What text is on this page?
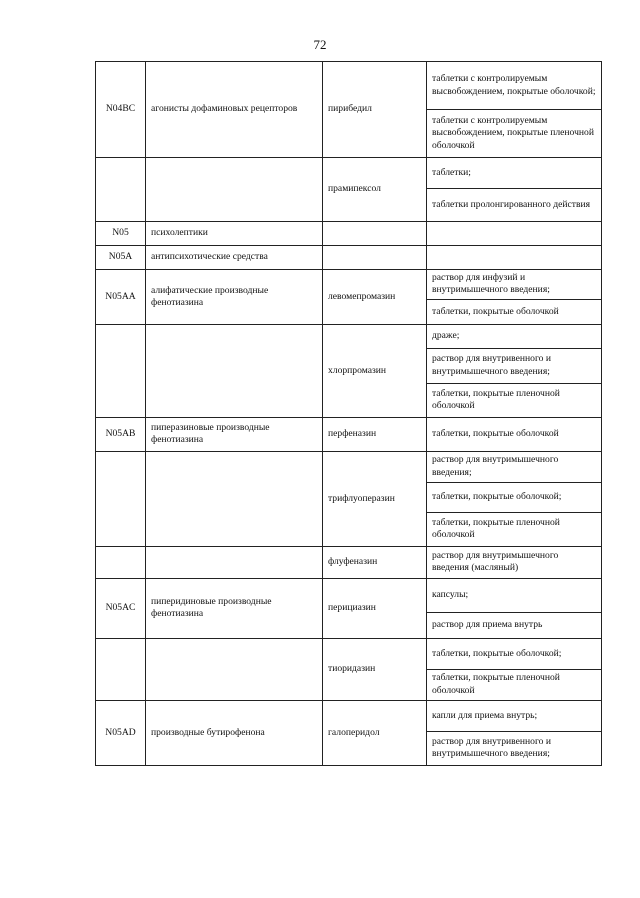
72
N04BC	агонисты дофаминовых рецепторов	пирибедил	таблетки с контролируемым высвобождением, покрытые оболочкой;
			таблетки с контролируемым высвобождением, покрытые пленочной оболочкой
		прамипексол	таблетки;
			таблетки пролонгированного действия
N05	психолептики		
N05A	антипсихотические средства		
N05AA	алифатические производные фенотиазина	левомепромазин	раствор для инфузий и внутримышечного введения;
			таблетки, покрытые оболочкой
		хлорпромазин	драже;
			раствор для внутривенного и внутримышечного введения;
			таблетки, покрытые пленочной оболочкой
N05AB	пиперазиновые производные фенотиазина	перфеназин	таблетки, покрытые оболочкой
		трифлуоперазин	раствор для внутримышечного введения;
			таблетки, покрытые оболочкой;
			таблетки, покрытые пленочной оболочкой
		флуфеназин	раствор для внутримышечного введения (масляный)
N05AC	пиперидиновые производные фенотиазина	перициазин	капсулы;
			раствор для приема внутрь
		тиоридазин	таблетки, покрытые оболочкой;
			таблетки, покрытые пленочной оболочкой
N05AD	производные бутирофенона	галоперидол	капли для приема внутрь;
			раствор для внутривенного и внутримышечного введения;
